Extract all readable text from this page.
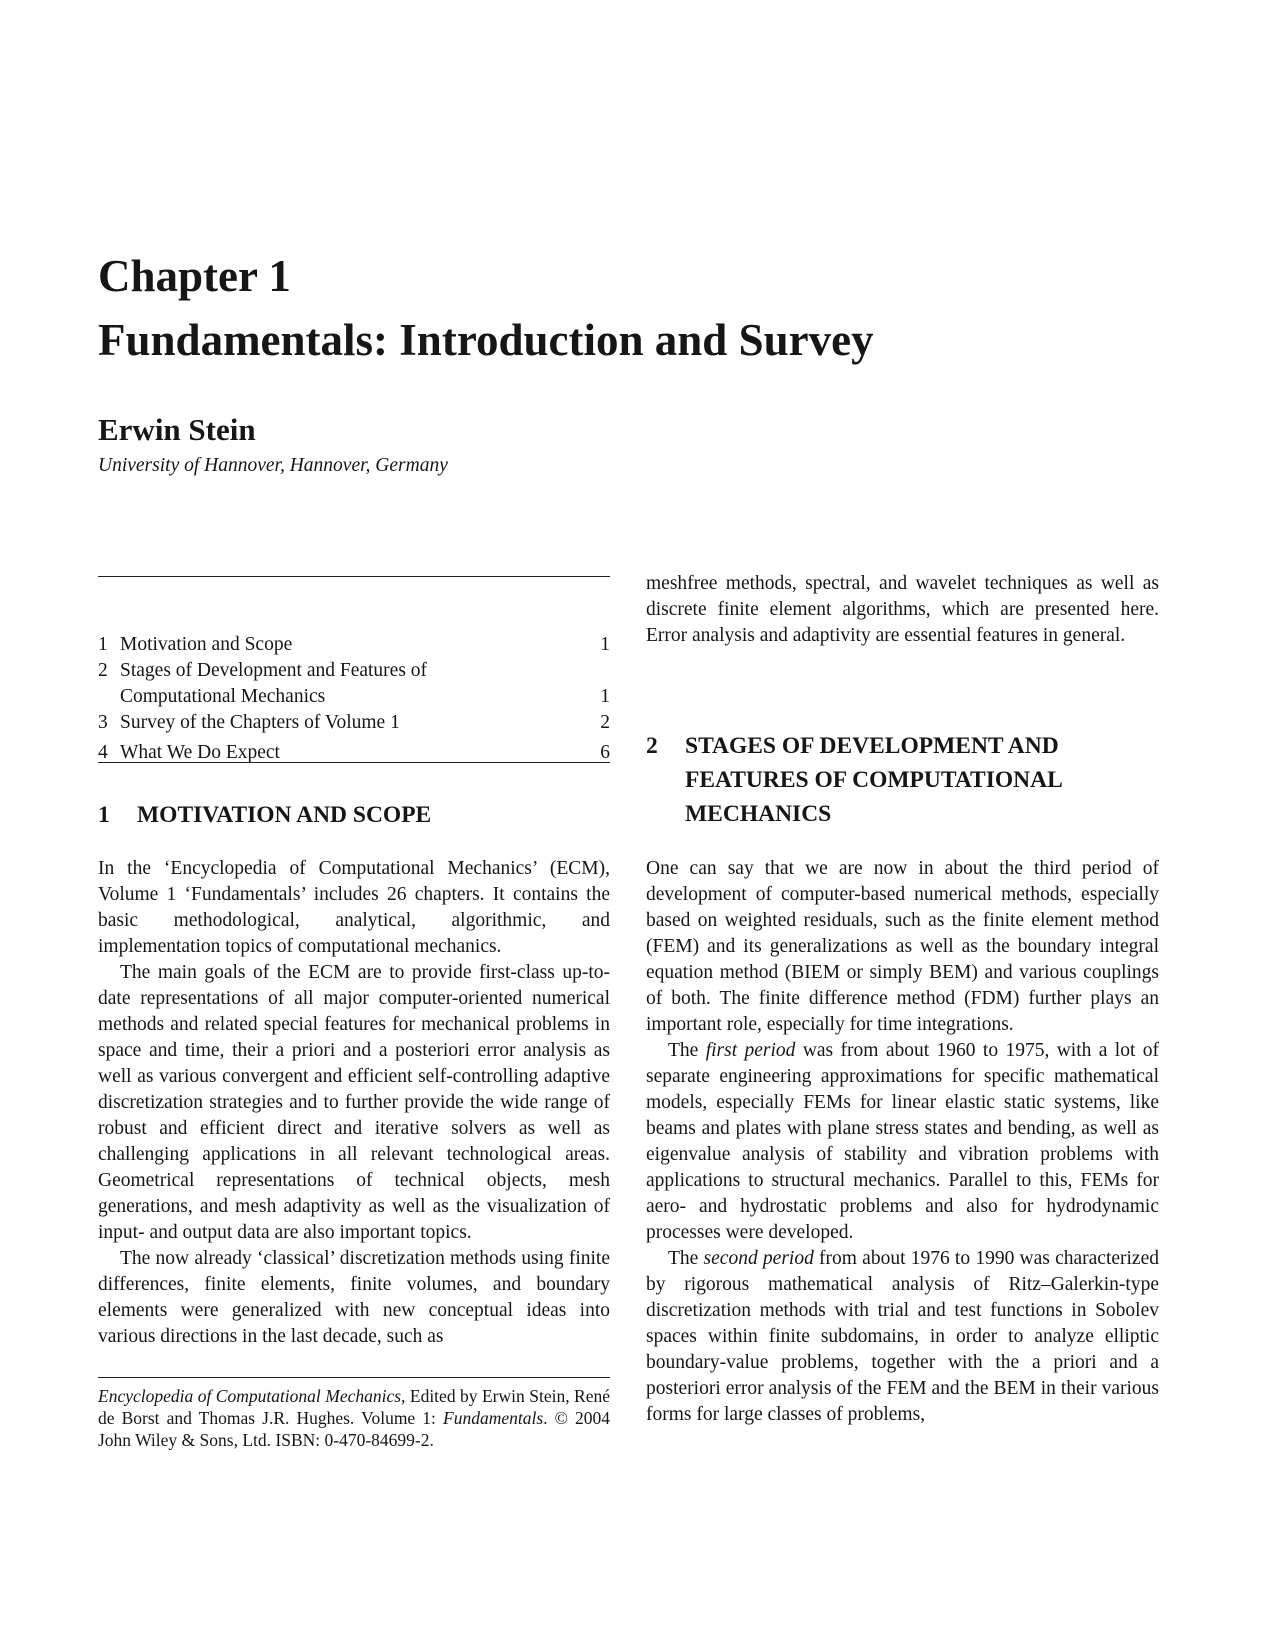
Chapter 1
Fundamentals: Introduction and Survey
Erwin Stein
University of Hannover, Hannover, Germany
1 Motivation and Scope	1
2 Stages of Development and Features of Computational Mechanics	1
3 Survey of the Chapters of Volume 1	2
4 What We Do Expect	6
1	MOTIVATION AND SCOPE

In the ‘Encyclopedia of Computational Mechanics’ (ECM), Volume 1 ‘Fundamentals’ includes 26 chapters. It contains the basic methodological, analytical, algorithmic, and implementation topics of computational mechanics.

The main goals of the ECM are to provide first-class up-to-date representations of all major computer-oriented numerical methods and related special features for mechanical problems in space and time, their a priori and a posteriori error analysis as well as various convergent and efficient self-controlling adaptive discretization strategies and to further provide the wide range of robust and efficient direct and iterative solvers as well as challenging applications in all relevant technological areas. Geometrical representations of technical objects, mesh generations, and mesh adaptivity as well as the visualization of input- and output data are also important topics.

The now already ‘classical’ discretization methods using finite differences, finite elements, finite volumes, and boundary elements were generalized with new conceptual ideas into various directions in the last decade, such as

Encyclopedia of Computational Mechanics, Edited by Erwin Stein, René de Borst and Thomas J.R. Hughes. Volume 1: Fundamentals. © 2004 John Wiley & Sons, Ltd. ISBN: 0-470-84699-2.

meshfree methods, spectral, and wavelet techniques as well as discrete finite element algorithms, which are presented here. Error analysis and adaptivity are essential features in general.

2	STAGES OF DEVELOPMENT AND FEATURES OF COMPUTATIONAL MECHANICS

One can say that we are now in about the third period of development of computer-based numerical methods, especially based on weighted residuals, such as the finite element method (FEM) and its generalizations as well as the boundary integral equation method (BIEM or simply BEM) and various couplings of both. The finite difference method (FDM) further plays an important role, especially for time integrations.

The first period was from about 1960 to 1975, with a lot of separate engineering approximations for specific mathematical models, especially FEMs for linear elastic static systems, like beams and plates with plane stress states and bending, as well as eigenvalue analysis of stability and vibration problems with applications to structural mechanics. Parallel to this, FEMs for aero- and hydrostatic problems and also for hydrodynamic processes were developed.

The second period from about 1976 to 1990 was characterized by rigorous mathematical analysis of Ritz–Galerkin-type discretization methods with trial and test functions in Sobolev spaces within finite subdomains, in order to analyze elliptic boundary-value problems, together with the a priori and a posteriori error analysis of the FEM and the BEM in their various forms for large classes of problems,
